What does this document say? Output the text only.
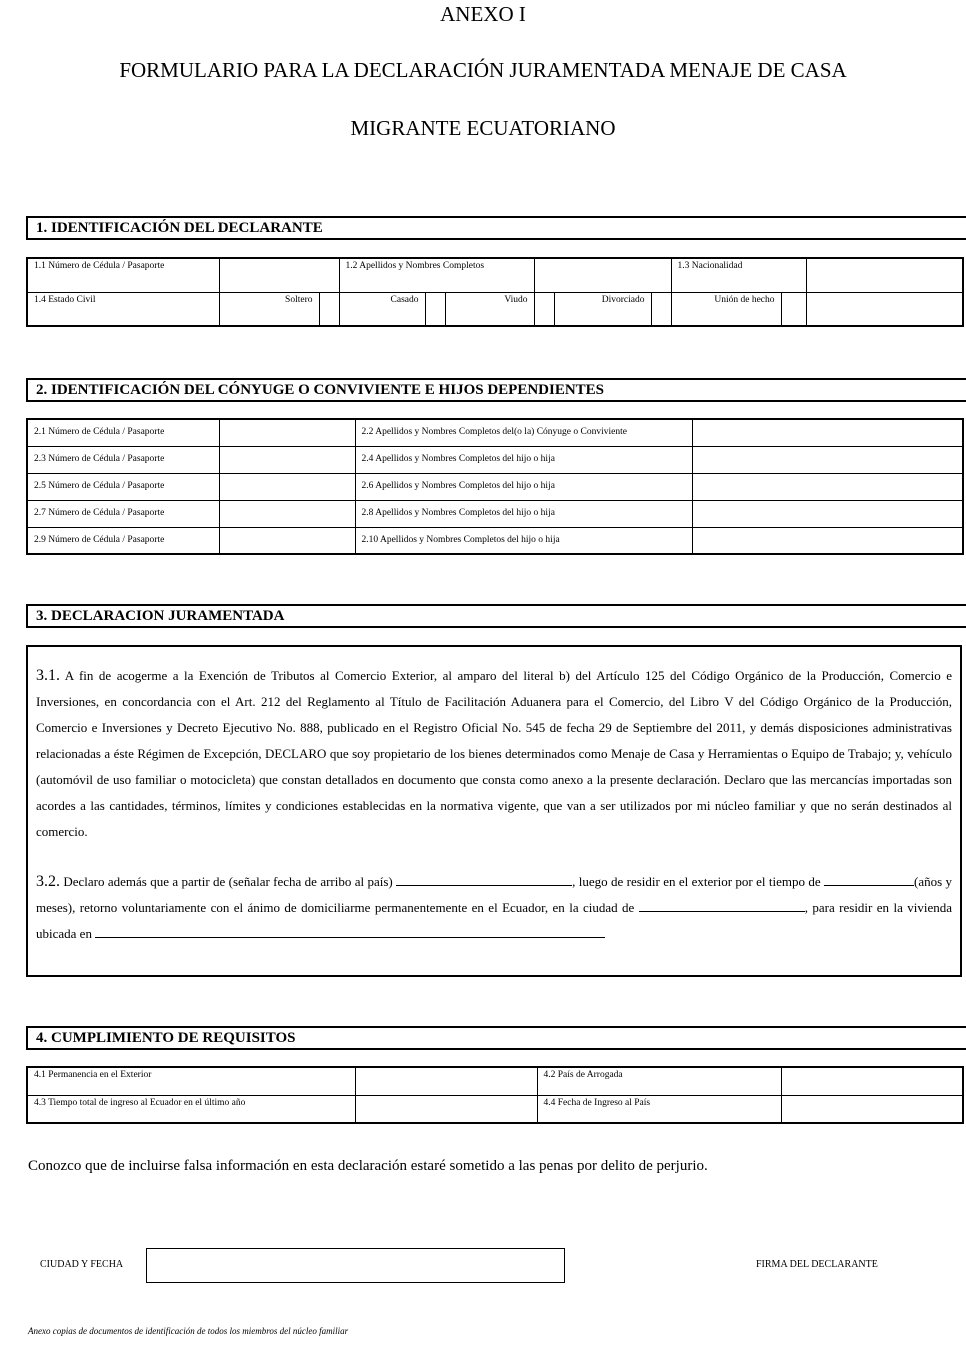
ANEXO I
FORMULARIO PARA LA DECLARACIÓN JURAMENTADA MENAJE DE CASA
MIGRANTE ECUATORIANO
1. IDENTIFICACIÓN DEL DECLARANTE
1.1 Número de Cédula / Pasaporte			1.2 Apellidos y Nombres Completos						1.3 Nacionalidad		
1.4 Estado Civil	Soltero		Casado		Viudo		Divorciado		Unión de hecho		
2. IDENTIFICACIÓN DEL CÓNYUGE O CONVIVIENTE E HIJOS DEPENDIENTES
2.1 Número de Cédula / Pasaporte		2.2 Apellidos y Nombres Completos del(o la) Cónyuge o Conviviente	
2.3 Número de Cédula / Pasaporte		2.4 Apellidos y Nombres Completos del hijo o hija	
2.5 Número de Cédula / Pasaporte		2.6 Apellidos y Nombres Completos del hijo o hija	
2.7 Número de Cédula / Pasaporte		2.8 Apellidos y Nombres Completos del hijo o hija	
2.9 Número de Cédula / Pasaporte		2.10 Apellidos y Nombres Completos del hijo o hija	
3. DECLARACION JURAMENTADA

3.1. A fin de acogerme a la Exención de Tributos al Comercio Exterior, al amparo del literal b) del Artículo 125 del Código Orgánico de la Producción, Comercio e Inversiones, en concordancia con el Art. 212 del Reglamento al Título de Facilitación Aduanera para el Comercio, del Libro V del Código Orgánico de la Producción, Comercio e Inversiones y Decreto Ejecutivo No. 888, publicado en el Registro Oficial No. 545 de fecha 29 de Septiembre del 2011, y demás disposiciones administrativas relacionadas a éste Régimen de Excepción, DECLARO que soy propietario de los bienes determinados como Menaje de Casa y Herramientas o Equipo de Trabajo; y, vehículo (automóvil de uso familiar o motocicleta) que constan detallados en documento que consta como anexo a la presente declaración. Declaro que las mercancías importadas son acordes a las cantidades, términos, límites y condiciones establecidas en la normativa vigente, que van a ser utilizados por mi núcleo familiar y que no serán destinados al comercio.

3.2. Declaro además que a partir de (señalar fecha de arribo al país)	, luego de residir en el exterior por el tiempo de	(años y meses), retorno voluntariamente con el ánimo de domiciliarme permanentemente en el Ecuador, en la ciudad de	, para residir en la vivienda ubicada en

4. CUMPLIMIENTO DE REQUISITOS
4.1 Permanencia en el Exterior		4.2 País de Arrogada	
4.3 Tiempo total de ingreso al Ecuador en el último año		4.4 Fecha de Ingreso al País	
Conozco que de incluirse falsa información en esta declaración estaré sometido a las penas por delito de perjurio.
CIUDAD Y FECHA	FIRMA DEL DECLARANTE
Anexo copias de documentos de identificación de todos los miembros del núcleo familiar
